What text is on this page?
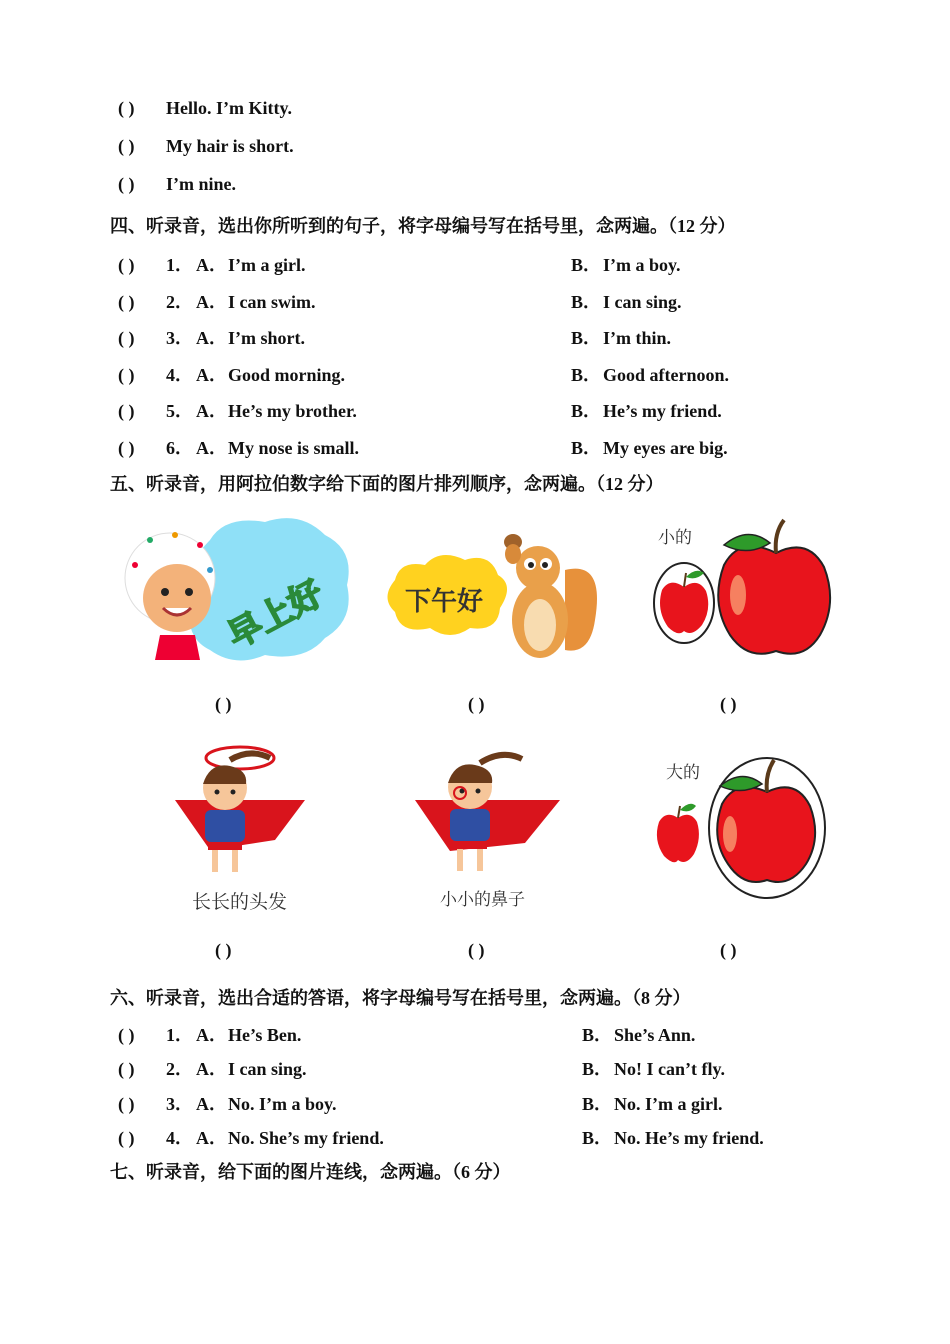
( ) Hello. I’m Kitty.
( ) My hair is short.
( ) I’m nine.
四、听录音，选出你所听到的句子，将字母编号写在括号里，念两遍。（12 分）
( ) 1． A．I’m a girl.	B． I’m a boy.
( ) 2． A．I can swim.	B． I can sing.
( ) 3． A．I’m short.	B． I’m thin.
( ) 4． A．Good morning.	B． Good afternoon.
( ) 5． A．He’s my brother.	B． He’s my friend.
( ) 6． A．My nose is small.	B． My eyes are big.
五、听录音，用阿拉伯数字给下面的图片排列顺序，念两遍。（12 分）
早上好	下午好
小的
( )	( )	( )
长长的头发	小小的鼻子
大的
( )	( )	( )
六、听录音，选出合适的答语，将字母编号写在括号里，念两遍。（8 分）
( ) 1． A．He’s Ben.	B． She’s Ann.
( ) 2． A．I can sing.	B． No! I can’t fly.
( ) 3． A．No. I’m a boy.	B． No. I’m a girl.
( ) 4． A．No. She’s my friend.	B． No. He’s my friend.
七、听录音，给下面的图片连线，念两遍。（6 分）
